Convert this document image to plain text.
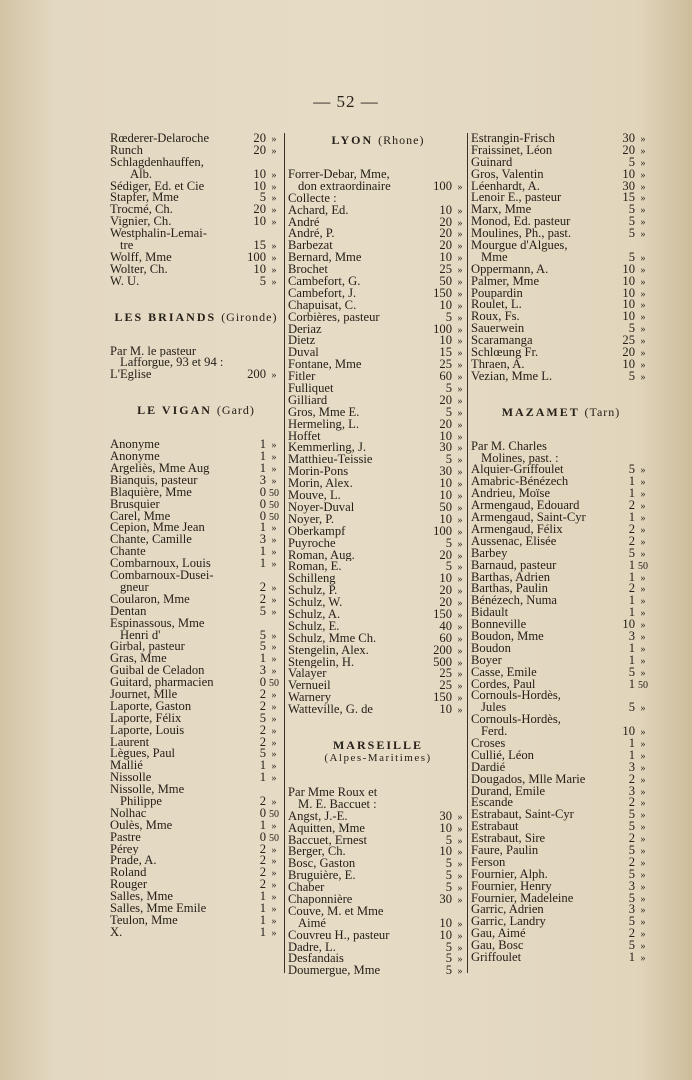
— 52 —
Rœderer-Delaroche	20 »
Runch	20 »
Schlagdenhauffen,
Alb.	10 »
Sédiger, Ed. et Cie	10 »
Stapfer, Mme	5 »
Trocmé, Ch.	20 »
Vignier, Ch.	10 »
Westphalin-Lemai-
tre	15 »
Wolff, Mme	100 »
Wolter, Ch.	10 »
W. U.	5 »
LES BRIANDS (Gironde)
Par M. le pasteur
Lafforgue, 93 et 94 :
L'Eglise	200 »
LE VIGAN (Gard)
Anonyme	1 »
Anonyme	1 »
Argeliès, Mme Aug	1 »
Bianquis, pasteur	3 »
Blaquière, Mme	0 50
Brusquier	0 50
Carel, Mme	0 50
Cepion, Mme Jean	1 »
Chante, Camille	3 »
Chante	1 »
Combarnoux, Louis	1 »
Combarnoux-Dusei-
gneur	2 »
Coularon, Mme	2 »
Dentan	5 »
Espinassous, Mme
Henri d'	5 »
Girbal, pasteur	5 »
Gras, Mme	1 »
Guibal de Celadon	3 »
Guitard, pharmacien	0 50
Journet, Mlle	2 »
Laporte, Gaston	2 »
Laporte, Félix	5 »
Laporte, Louis	2 »
Laurent	2 »
Lègues, Paul	5 »
Mallié	1 »
Nissolle	1 »
Nissolle, Mme
Philippe	2 »
Nolhac	0 50
Oulès, Mme	1 »
Pastre	0 50
Pérey	2 »
Prade, A.	2 »
Roland	2 »
Rouger	2 »
Salles, Mme	1 »
Salles, Mme Emile	1 »
Teulon, Mme	1 »
X.	1 »
LYON (Rhone)
Forrer-Debar, Mme,
don extraordinaire	100 »
Collecte :
Achard, Ed.	10 »
André	20 »
André, P.	20 »
Barbezat	20 »
Bernard, Mme	10 »
Brochet	25 »
Cambefort, G.	50 »
Cambefort, J.	150 »
Chapuisat, C.	10 »
Corbières, pasteur	5 »
Deriaz	100 »
Dietz	10 »
Duval	15 »
Fontane, Mme	25 »
Fitler	60 »
Fulliquet	5 »
Gilliard	20 »
Gros, Mme E.	5 »
Hermeling, L.	20 »
Hoffet	10 »
Kemmerling, J.	30 »
Matthieu-Teissie	5 »
Morin-Pons	30 »
Morin, Alex.	10 »
Mouve, L.	10 »
Noyer-Duval	50 »
Noyer, P.	10 »
Oberkampf	100 »
Puyroche	5 »
Roman, Aug.	20 »
Roman, E.	5 »
Schilleng	10 »
Schulz, P.	20 »
Schulz, W.	20 »
Schulz, A.	150 »
Schulz, E.	40 »
Schulz, Mme Ch.	60 »
Stengelin, Alex.	200 »
Stengelin, H.	500 »
Valayer	25 »
Vernueil	25 »
Warnery	150 »
Watteville, G. de	10 »
MARSEILLE
(Alpes-Maritimes)
Par Mme Roux et
M. E. Baccuet :
Angst, J.-E.	30 »
Aquitten, Mme	10 »
Baccuet, Ernest	5 »
Berger, Ch.	10 »
Bosc, Gaston	5 »
Bruguière, E.	5 »
Chaber	5 »
Chaponnière	30 »
Couve, M. et Mme
Aimé	10 »
Couvreu H., pasteur	10 »
Dadre, L.	5 »
Desfandais	5 »
Doumergue, Mme	5 »
Estrangin-Frisch	30 »
Fraissinet, Léon	20 »
Guinard	5 »
Gros, Valentin	10 »
Léenhardt, A.	30 »
Lenoir E., pasteur	15 »
Marx, Mme	5 »
Monod, Ed. pasteur	5 »
Moulines, Ph., past.	5 »
Mourgue d'Algues,
Mme	5 »
Oppermann, A.	10 »
Palmer, Mme	10 »
Poupardin	10 »
Roulet, L.	10 »
Roux, Fs.	10 »
Sauerwein	5 »
Scaramanga	25 »
Schlœung Fr.	20 »
Thraen, A.	10 »
Vezian, Mme L.	5 »
MAZAMET (Tarn)
Par M. Charles
Molines, past. :
Alquier-Griffoulet	5 »
Amabric-Bénézech	1 »
Andrieu, Moïse	1 »
Armengaud, Edouard	2 »
Armengaud, Saint-Cyr	1 »
Armengaud, Félix	2 »
Aussenac, Elisée	2 »
Barbey	5 »
Barnaud, pasteur	1 50
Barthas, Adrien	1 »
Barthas, Paulin	2 »
Bénézech, Numa	1 »
Bidault	1 »
Bonneville	10 »
Boudon, Mme	3 »
Boudon	1 »
Boyer	1 »
Casse, Emile	5 »
Cordes, Paul	1 50
Cornouls-Hordès,
Jules	5 »
Cornouls-Hordès,
Ferd.	10 »
Croses	1 »
Cullié, Léon	1 »
Dardié	3 »
Dougados, Mlle Marie	2 »
Durand, Emile	3 »
Escande	2 »
Estrabaut, Saint-Cyr	5 »
Estrabaut	5 »
Estrabaut, Sire	2 »
Faure, Paulin	5 »
Ferson	2 »
Fournier, Alph.	5 »
Fournier, Henry	3 »
Fournier, Madeleine	5 »
Garric, Adrien	3 »
Garric, Landry	5 »
Gau, Aimé	2 »
Gau, Bosc	5 »
Griffoulet	1 »
